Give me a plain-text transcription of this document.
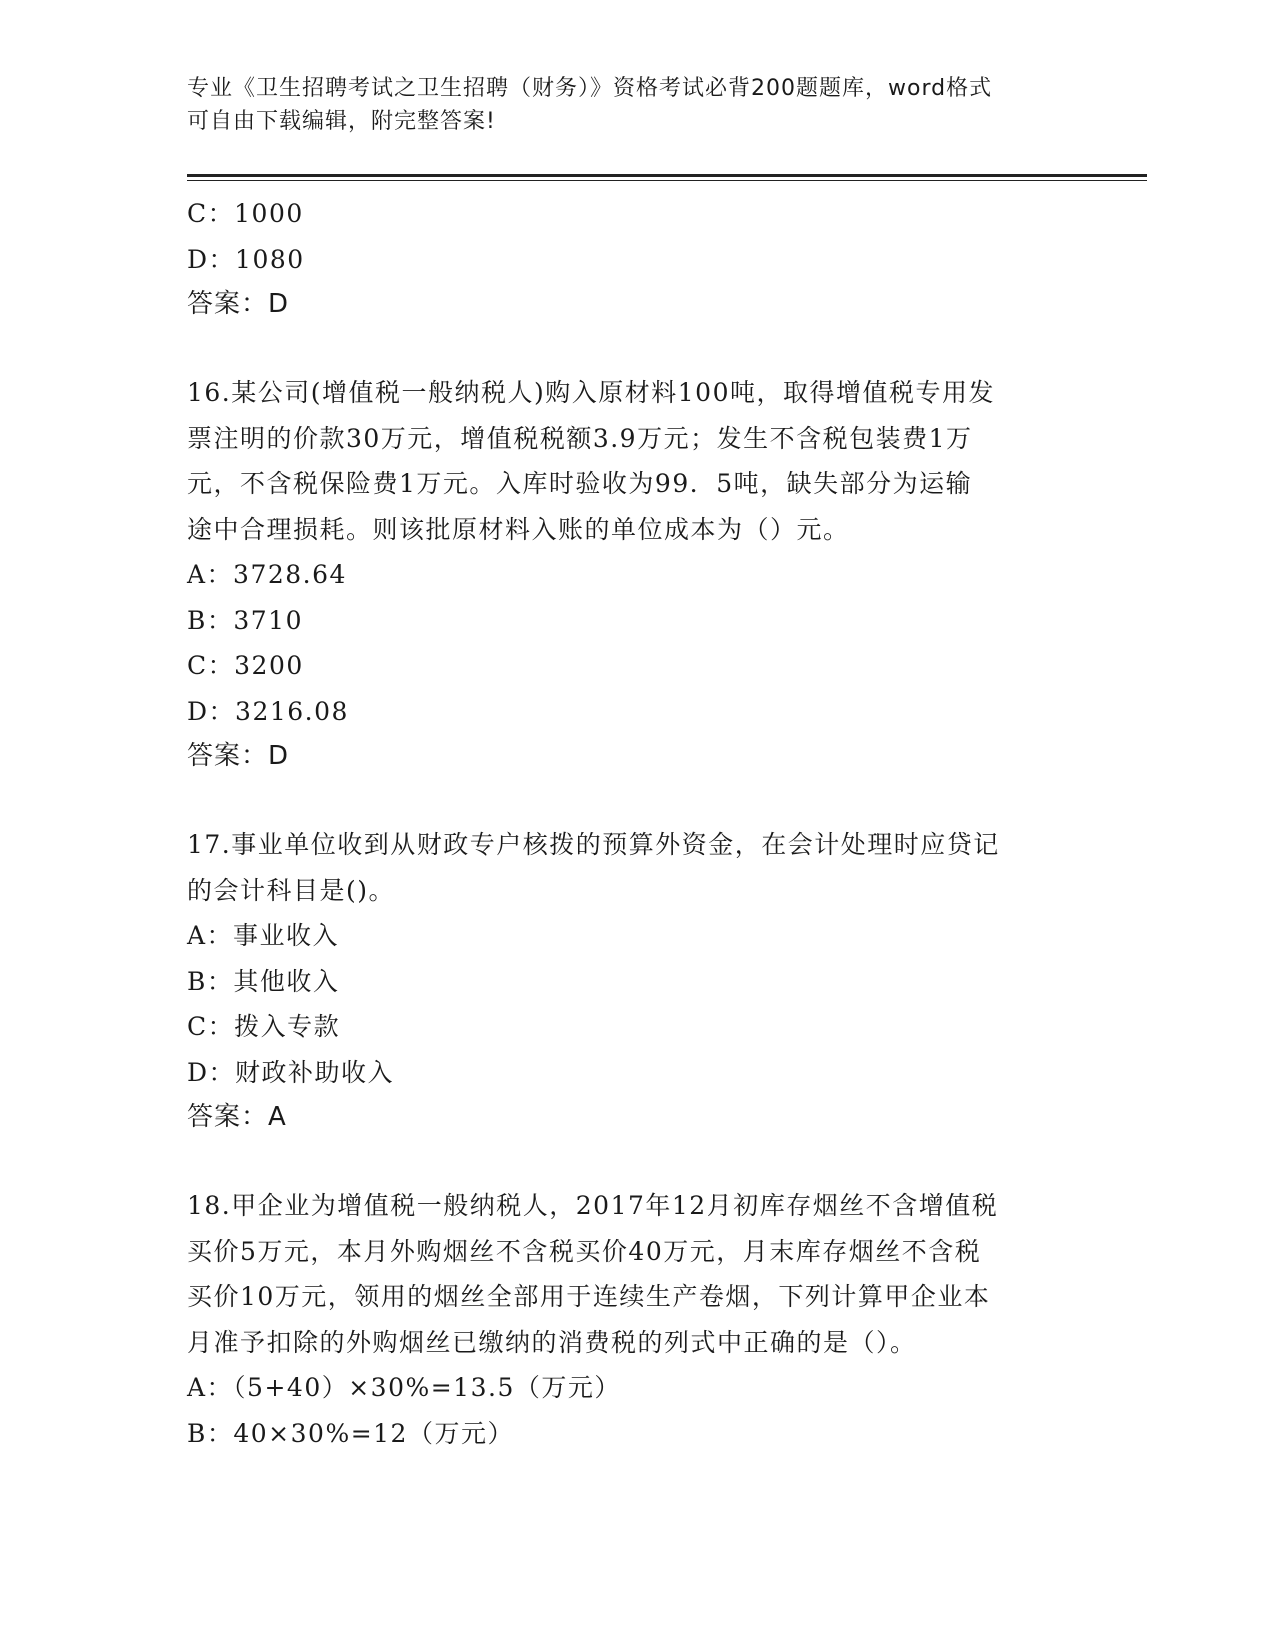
专业《卫生招聘考试之卫生招聘（财务）》资格考试必背200题题库，word格式
可自由下载编辑，附完整答案!
C：1000
D：1080
答案：D
16.某公司(增值税一般纳税人)购入原材料100吨，取得增值税专用发
票注明的价款30万元，增值税税额3.9万元；发生不含税包装费1万
元，不含税保险费1万元。入库时验收为99．5吨，缺失部分为运输
途中合理损耗。则该批原材料入账的单位成本为（）元。
A：3728.64
B：3710
C：3200
D：3216.08
答案：D
17.事业单位收到从财政专户核拨的预算外资金，在会计处理时应贷记
的会计科目是()。
A：事业收入
B：其他收入
C：拨入专款
D：财政补助收入
答案：A
18.甲企业为增值税一般纳税人，2017年12月初库存烟丝不含增值税
买价5万元，本月外购烟丝不含税买价40万元，月末库存烟丝不含税
买价10万元，领用的烟丝全部用于连续生产卷烟，下列计算甲企业本
月准予扣除的外购烟丝已缴纳的消费税的列式中正确的是（）。
A：（5+40）×30%=13.5（万元）
B：40×30%=12（万元）
